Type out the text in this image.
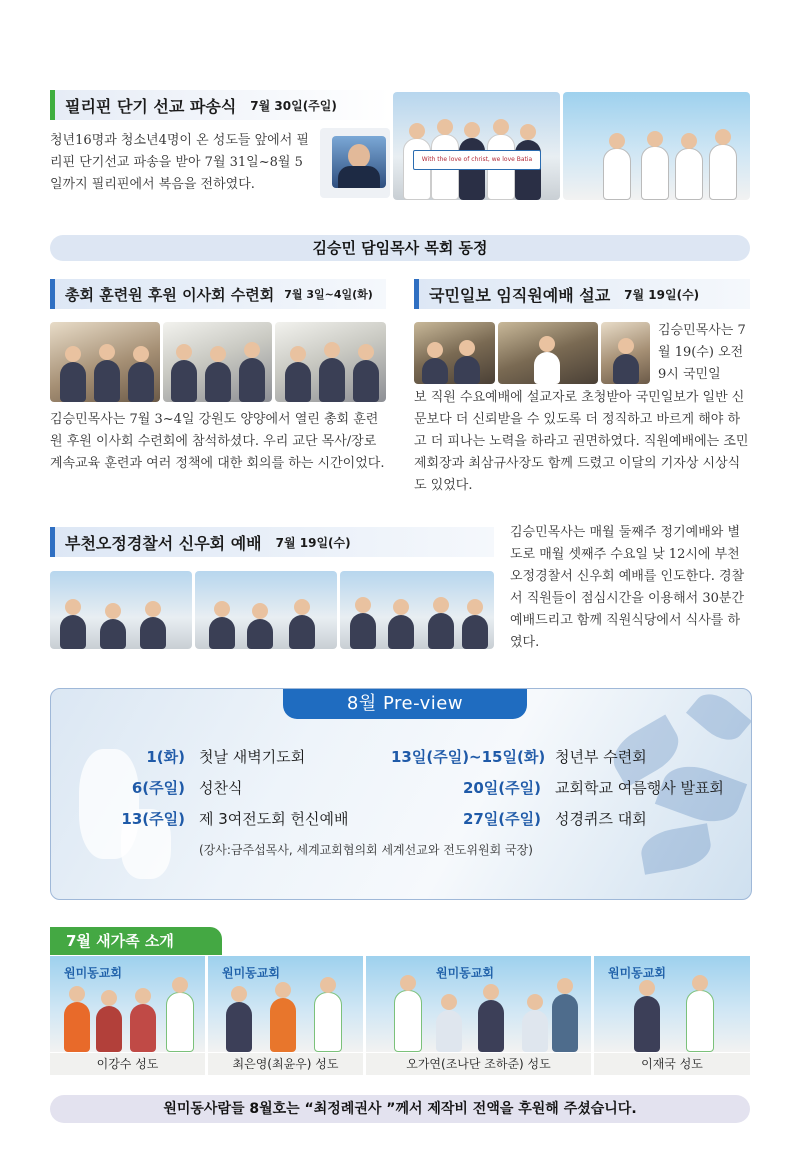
필리핀 단기 선교 파송식 7월 30일(주일)
청년16명과 청소년4명이 온 성도들 앞에서 필리핀 단기선교 파송을 받아 7월 31일~8월 5일까지 필리핀에서 복음을 전하였다.
With the love of christ, we love Batia
김승민 담임목사 목회 동정
총회 훈련원 후원 이사회 수련회 7월 3일~4일(화)
김승민목사는 7월 3~4일 강원도 양양에서 열린 총회 훈련원 후원 이사회 수련회에 참석하셨다. 우리 교단 목사/장로 계속교육 훈련과 여러 정책에 대한 회의를 하는 시간이었다.
국민일보 임직원예배 설교 7월 19일(수)
김승민목사는 7월 19(수) 오전 9시 국민일
보 직원 수요예배에 설교자로 초청받아 국민일보가 일반 신문보다 더 신뢰받을 수 있도록 더 정직하고 바르게 해야 하고 더 피나는 노력을 하라고 권면하였다. 직원예배에는 조민제회장과 최삼규사장도 함께 드렸고 이달의 기자상 시상식도 있었다.
부천오정경찰서 신우회 예배 7월 19일(수)
김승민목사는 매월 둘째주 정기예배와 별도로 매월 셋째주 수요일 낮 12시에 부천오정경찰서 신우회 예배를 인도한다. 경찰서 직원들이 점심시간을 이용해서 30분간 예배드리고 함께 직원식당에서 식사를 하였다.
8월 Pre-view
1(화) 첫날 새벽기도회
6(주일) 성찬식
13(주일) 제 3여전도회 헌신예배
13일(주일)~15일(화) 청년부 수련회
20일(주일) 교회학교 여름행사 발표회
27일(주일) 성경퀴즈 대회
(강사:금주섭목사, 세계교회협의회 세계선교와 전도위원회 국장)
7월 새가족 소개
원미동교회
이강수 성도
원미동교회
최은영(최윤우) 성도
원미동교회
오가연(조나단 조하준) 성도
원미동교회
이재국 성도
원미동사람들 8월호는 “최정례권사 ”께서 제작비 전액을 후원해 주셨습니다.
